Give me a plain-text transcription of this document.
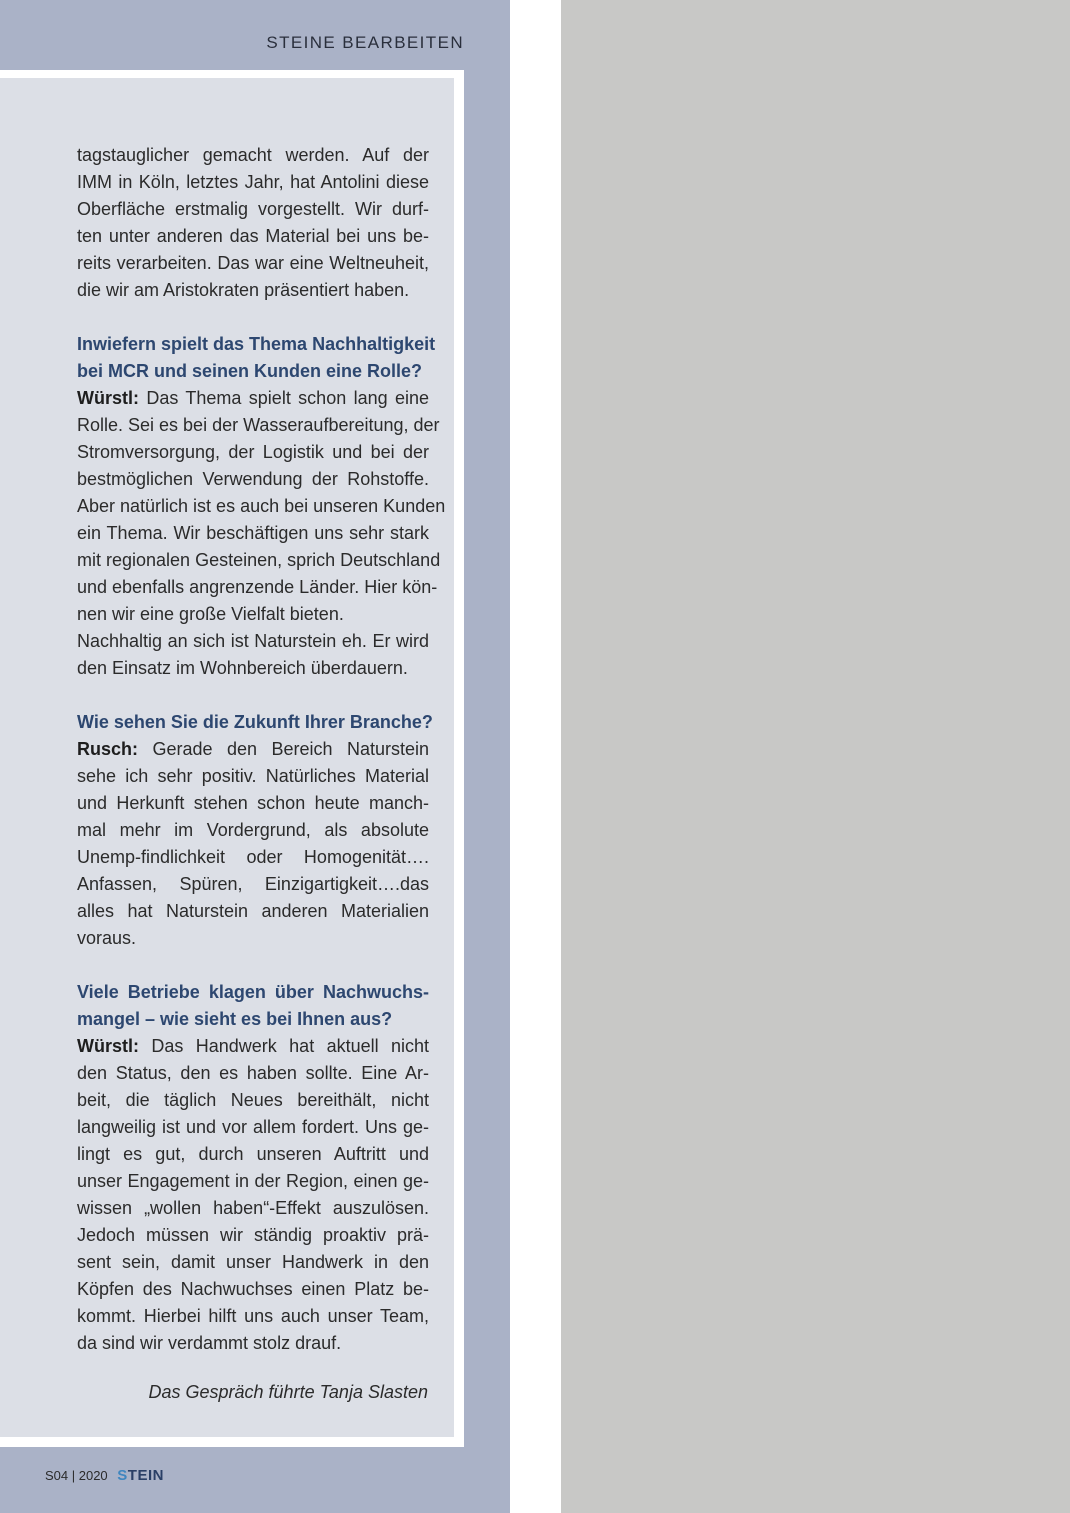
STEINE BEARBEITEN
tagstauglicher gemacht werden. Auf der
IMM in Köln, letztes Jahr, hat Antolini diese
Oberfläche erstmalig vorgestellt. Wir durf-
ten unter anderen das Material bei uns be-
reits verarbeiten. Das war eine Weltneuheit,
die wir am Aristokraten präsentiert haben.
Inwiefern spielt das Thema Nachhaltigkeit
bei MCR und seinen Kunden eine Rolle?
Würstl: Das Thema spielt schon lang eine
Rolle. Sei es bei der Wasseraufbereitung, der
Stromversorgung, der Logistik und bei der
bestmöglichen Verwendung der Rohstoffe.
Aber natürlich ist es auch bei unseren Kunden
ein Thema. Wir beschäftigen uns sehr stark
mit regionalen Gesteinen, sprich Deutschland
und ebenfalls angrenzende Länder. Hier kön-
nen wir eine große Vielfalt bieten.
Nachhaltig an sich ist Naturstein eh. Er wird
den Einsatz im Wohnbereich überdauern.
Wie sehen Sie die Zukunft Ihrer Branche?
Rusch: Gerade den Bereich Naturstein
sehe ich sehr positiv. Natürliches Material
und Herkunft stehen schon heute manch-
mal mehr im Vordergrund, als absolute
Unemp-findlichkeit oder Homogenität….
Anfassen, Spüren, Einzigartigkeit….das
alles hat Naturstein anderen Materialien
voraus.
Viele Betriebe klagen über Nachwuchs-
mangel – wie sieht es bei Ihnen aus?
Würstl: Das Handwerk hat aktuell nicht
den Status, den es haben sollte. Eine Ar-
beit, die täglich Neues bereithält, nicht
langweilig ist und vor allem fordert. Uns ge-
lingt es gut, durch unseren Auftritt und
unser Engagement in der Region, einen ge-
wissen „wollen haben“-Effekt auszulösen.
Jedoch müssen wir ständig proaktiv prä-
sent sein, damit unser Handwerk in den
Köpfen des Nachwuchses einen Platz be-
kommt. Hierbei hilft uns auch unser Team,
da sind wir verdammt stolz drauf.
Das Gespräch führte Tanja Slasten
S04 | 2020 STEIN
